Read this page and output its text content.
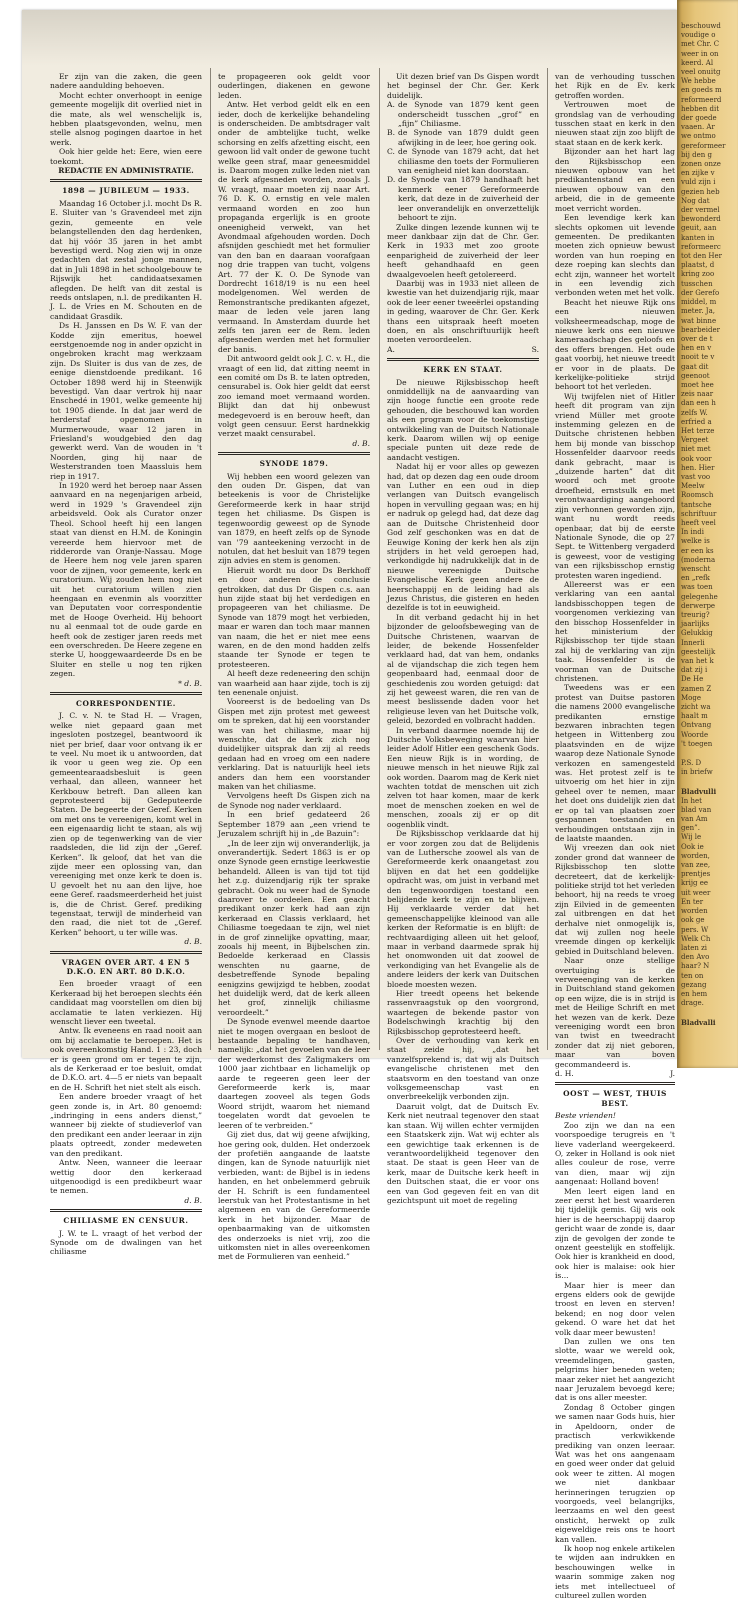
Er zijn van die zaken, die geen nadere aandulding behoeven.

Mocht echter onverhoopt in eenige gemeente mogelijk dit overlied niet in die mate, als wel wenschelijk is, hebben plaatsgevonden, welnu, men stelle alsnog pogingen daartoe in het werk.

Ook hier gelde het: Eere, wien eere toekomt.

REDACTIE EN ADMINISTRATIE.
1898 — JUBILEUM — 1933.

Maandag 16 October j.l. mocht Ds R. E. Sluiter van 's Gravendeel met zijn gezin, gemeente en vele belangstellenden den dag herdenken, dat hij vóór 35 jaren in het ambt bevestigd werd. Nog zien wij in onze gedachten dat zestal jonge mannen, dat in Juli 1898 in het schoolgebouw te Rijswijk het candidaatsexamen aflegden. De helft van dit zestal is reeds ontslapen, n.l. de predikanten H. J. L. de Vries en M. Schouten en de candidaat Grasdik.

Ds H. Janssen en Ds W. F. van der Kodde zijn emeritus, hoewel eerstgenoemde nog in ander opzicht in ongebroken kracht mag werkzaam zijn. Ds Sluiter is dus van de zes, de eenige dienstdoende predikant. 16 October 1898 werd hij in Steenwijk bevestigd. Van daar vertrok hij naar Enschedé in 1901, welke gemeente hij tot 1905 diende. In dat jaar werd de herderstaf opgenomen in Murmerwoude, waar 12 jaren in Friesland's woudgebied den dag gewerkt werd. Van de wouden in 't Noorden, ging hij naar de Westerstranden toen Maassluis hem riep in 1917.

In 1920 werd het beroep naar Assen aanvaard en na negenjarigen arbeid, werd in 1929 's Gravendeel zijn arbeidsveld. Ook als Curator onzer Theol. School heeft hij een langen staat van dienst en H.M. de Koningin vereerde hem hiervoor met de ridderorde van Oranje-Nassau. Moge de Heere hem nog vele jaren sparen voor de zijnen, voor gemeente, kerk en curatorium. Wij zouden hem nog niet uit het curatorium willen zien heengaan en evenmin als voorzitter van Deputaten voor correspondentie met de Hooge Overheid. Hij behoort nu al eenmaal tot de oude garde en heeft ook de zestiger jaren reeds met een overschreden. De Heere zegene en sterke U, hooggewaardeerde Ds en be Sluiter en stelle u nog ten rijken zegen.

* d. B.

CORRESPONDENTIE.

J. C. v. N. te Stad H. — Vragen, welke niet gepaard gaan met ingesloten postzegel, beantwoord ik niet per brief, daar voor ontvang ik er te veel. Nu moet ik u antwoorden, dat ik voor u geen weg zie. Op een gemeentearaadsbesluit is geen verhaal, dan alleen, wanneer het Kerkbouw betreft. Dan alleen kan geprotesteerd bij Gedeputeerde Staten. De begeerte der Geref. Kerken om met ons te vereenigen, komt wel in een eigenaardig licht te staan, als wij zien op de tegenwerking van de vier raadsleden, die lid zijn der „Geref. Kerken”. Ik geloof, dat het van die zijde meer een oplossing van, dan vereeniging met onze kerk te doen is. U gevoelt het nu aan den lijve, hoe eene Geref. raadsmeerderheid het juist is, die de Christ. Geref. prediking tegenstaat, terwijl de minderheid van den raad, die niet tot de „Geref. Kerken” behoort, u ter wille was.

d. B.

VRAGEN OVER ART. 4 EN 5 D.K.O. EN ART. 80 D.K.O.

Een broeder vraagt of een Kerkeraad bij het beroepen slechts één candidaat mag voorstellen om dien bij acclamatie te laten verkiezen. Hij wenscht liever een tweetal.

Antw. Ik eveneens en raad nooit aan om bij acclamatie te beroepen. Het is ook overeenkomstig Hand. 1 : 23, doch er is geen grond om er tegen te zijn, als de Kerkeraad er toe besluit, omdat de D.K.O. art. 4—5 er niets van bepaalt en de H. Schrift het niet stelt als eisch.

Een andere broeder vraagt of het geen zonde is, in Art. 80 genoemd: „indringing in eens anders dienst,” wanneer bij ziekte of studieverlof van den predikant een ander leeraar in zijn plaats optreedt, zonder medeweten van den predikant.

Antw. Neen, wanneer die leeraar wettig door den kerkeraad uitgenoodigd is een predikbeurt waar te nemen.

d. B.

CHILIASME EN CENSUUR.

J. W. te L. vraagt of het verbod der Synode om de dwalingen van het chiliasme

te propageeren ook geldt voor ouderlingen, diakenen en gewone leden.

Antw. Het verbod geldt elk en een ieder, doch de kerkelijke behandeling is onderscheiden. De ambtsdrager valt onder de ambtelijke tucht, welke schorsing en zelfs afzetting eischt, een gewoon lid valt onder de gewone tucht welke geen straf, maar geneesmiddel is. Daarom mogen zulke leden niet van de kerk afgesneden worden, zooals J. W. vraagt, maar moeten zij naar Art. 76 D. K. O. ernstig en vele malen vermaand worden en zoo hun propaganda ergerlijk is en groote oneenigheid verwekt, van het Avondmaal afgehouden worden. Doch afsnijden geschiedt met het formulier van den ban en daaraan voorafgaan nog drie trappen van tucht, volgens Art. 77 der K. O. De Synode van Dordrecht 1618/19 is nu een heel modelgenomen. Wel werden de Remonstrantsche predikanten afgezet, maar de leden vele jaren lang vermaand. In Amsterdam duurde het zelfs ten jaren eer de Rem. leden afgesneden werden met het formulier der banis.

Dit antwoord geldt ook J. C. v. H., die vraagt of een lid, dat zitting neemt in een comité om Ds B. te laten optreden, censurabel is. Ook hier geldt dat eerst zoo iemand moet vermaand worden. Blijkt dan dat hij onbewust medegevoerd is en berouw heeft, dan volgt geen censuur. Eerst hardnekkig verzet maakt censurabel.

d. B.

SYNODE 1879.

Wij hebben een woord gelezen van den ouden Dr. Gispen, dat van beteekenis is voor de Christelijke Gereformeerde kerk in haar strijd tegen het chiliasme. Ds Gispen is tegenwoordig geweest op de Synode van 1879, en heeft zelfs op de Synode van '79 aanteekening verzocht in de notulen, dat het besluit van 1879 tegen zijn advies en stem is genomen.

Hieruit wordt nu door Ds Berkhoff en door anderen de conclusie getrokken, dat dus Dr Gispen c.s. aan hun zijde staat bij het verdedigen en propageeren van het chiliasme. De Synode van 1879 mogt het verbieden, maar er waren dan toch maar mannen van naam, die het er niet mee eens waren, en de den mond hadden zelfs staande ter Synode er tegen te protesteeren.

Al heeft deze redeneering den schijn van waarheid aan haar zijde, toch is zij ten eenenale onjuist.

Vooreerst is de bedoeling van Ds Gispen met zijn protest met geweest om te spreken, dat hij een voorstander was van het chiliasme, maar hij wenschte, dat de kerk zich nog duidelijker uitsprak dan zij al reeds gedaan had en vroeg om een nadere verklaring. Dat is natuurlijk heel iets anders dan hem een voorstander maken van het chiliasme.

Vervolgens heeft Ds Gispen zich na de Synode nog nader verklaard.

In een brief gedateerd 26 September 1879 aan „een vriend te Jeruzalem schrijft hij in „de Bazuin”:

„In de leer zijn wij onveranderlijk, ja onverandertijk. Sedert 1863 is er op onze Synode geen ernstige leerkwestie behandeld. Alleen is van tijd tot tijd het z.g. duizendjarig rijk ter sprake gebracht. Ook nu weer had de Synode daarover te oordeelen. Een geacht predikant onzer kerk had aan zijn kerkeraad en Classis verklaard, het Chiliasme toegedaan te zijn, wel niet in de grof zinnelijke opvatting, maar, zooals hij meent, in Bijbelschen zin. Bedoelde kerkeraad en Classis wenschten nu gaarne, de desbetreffende Synode bepaling eenigzins gewijzigd te hebben, zoodat het duidelijk werd, dat de kerk alleen het grof, zinnelijk chiliasme veroordeelt.”

De Synode evenwel meende daartoe niet te mogen overgaan en besloot de bestaande bepaling te handhaven, namelijk: „dat het gevoelen van de leer der wederkomst des Zaligmakers om 1000 jaar zichtbaar en lichamelijk op aarde te regeeren geen leer der Gereformeerde kerk is, maar daartegen zooveel als tegen Gods Woord strijdt, waarom het niemand toegelaten wordt dat gevoelen te leeren of te verbreiden.”

Gij ziet dus, dat wij geene afwijking, hoe gering ook, dulden. Het onderzoek der profetiën aangaande de laatste dingen, kan de Synode natuurlijk niet verbieden, want: de Bijbel is in iedens handen, en het onbelemmerd gebruik der H. Schrift is een fundamenteel leerstuk van het Protestantisme in het algemeen en van de Gereformeerde kerk in het bijzonder. Maar de openbaarmaking van de uitkomsten des onderzoeks is niet vrij, zoo die uitkomsten niet in alles overeenkomen met de Formulieren van eenheid.”

Uit dezen brief van Ds Gispen wordt het beginsel der Chr. Ger. Kerk duidelijk.

A. de Synode van 1879 kent geen onderscheidt tusschen „grof” en „fijn” Chiliasme.
B. de Synode van 1879 duldt geen afwijking in de leer, hoe gering ook.
C. de Synode van 1879 acht, dat het chiliasme den toets der Formulieren van eenigheid niet kan doorstaan.
D. de Synode van 1879 handhaaft het kenmerk eener Gereformeerde kerk, dat deze in de zuiverheid der leer onverandelijk en onverzettelijk behoort te zijn.

Zulke dingen lezende kunnen wij te meer dankbaar zijn dat de Chr. Ger. Kerk in 1933 met zoo groote eenparigheid de zuiverheid der leer heeft gehandhaafd en geen dwaalgevoelen heeft getolereerd.

Daarbij was in 1933 niet alleen de kwestie van het duizendjarig rijk, maar ook de leer eener tweeërlei opstanding in geding, waarover de Chr. Ger. Kerk thans een uitspraak heeft moeten doen, en als onschriftuurlijk heeft moeten veroordeelen.

A.	S.

KERK EN STAAT.

De nieuwe Rijksbisschop heeft onmiddellijk na de aanvaarding van zijn hooge functie een groote rede gehouden, die beschouwd kan worden als een program voor de toekomstige ontwikkeling van de Duitsch Nationale kerk. Daarom willen wij op eenige speciale punten uit deze rede de aandacht vestigen.

Nadat hij er voor alles op gewezen had, dat op dezen dag een oude droom van Luther en een oud in diep verlangen van Duitsch evangelisch hopen in vervulling gegaan was; en hij er nadruk op gelegd had, dat deze dag aan de Duitsche Christenheid door God zelf geschonken was en dat de Eeuwige Koning der kerk hen als zijn strijders in het veld geroepen had, verkondigde hij nadrukkelijk dat in de nieuwe vereenigde Duitsche Evangelische Kerk geen andere de heerschappij en de leiding had als Jezus Christus, die gisteren en heden dezelfde is tot in eeuwigheid.

In dit verband gedacht hij in het bijzonder de geloofsbeweging van de Duitsche Christenen, waarvan de leider, de bekende Hossenfelder verklaard had, dat van hem, ondanks al de vijandschap die zich tegen hem geopenbaard had, eenmaal door de geschiedenis zou worden getuigd: dat zij het geweest waren, die ren van de meest beslissende daden voor het religieuse leven van het Duitsche volk, geleid, bezorded en volbracht hadden.

In verband daarmee noemde hij de Duitsche Volksbeweging waarvan hier leider Adolf Hitler een geschenk Gods. Een nieuw Rijk is in wording, de nieuwe mensch in het nieuwe Rijk zal ook worden. Daarom mag de Kerk niet wachten totdat de menschen uit zich zelven tot haar komen, maar de kerk moet de menschen zoeken en wel de menschen, zooals zij er op dit oogenblik vindt.

De Rijksbisschop verklaarde dat hij er voor zorgen zou dat de Belijdenis van de Luthersche zoowel als van de Gereformeerde kerk onaangetast zou blijven en dat het een goddelijke opdracht was, om juist in verband met den tegenwoordigen toestand een belijdende kerk te zijn en te blijven. Hij verklaarde verder dat het gemeenschappelijke kleinood van alle kerken der Reformatie is en blijft: de rechtvaardiging alleen uit het geloof, maar in verband daarmede sprak hij het onomwonden uit dat zoowel de verkondiging van het Evangelie als de andere leiders der kerk van Duitschen bloede moesten wezen.

Hier treedt opeens het bekende rassenvraagstuk op den voorgrond, waartegen de bekende pastor von Bodelschwingh krachtig bij den Rijksbisschop geprotesteerd heeft.

Over de verhouding van kerk en staat zeide hij, „dat het vanzelfsprekend is, dat wij als Duitsch evangelische christenen met den staatsvorm en den toestand van onze volksgemeenschap vast en onverbreekelijk verbonden zijn.

Daaruit volgt, dat de Duitsch Ev. Kerk niet neutraal tegenover den staat kan staan. Wij willen echter vermijden een Staatskerk zijn. Wat wij echter als een gewichtige taak erkennen is de verantwoordelijkheid tegenover den staat. De staat is geen Heer van de kerk, maar de Duitsche kerk heeft in den Duitschen staat, die er voor ons een van God gegeven feit en van dit gezichtspunt uit moet de regeling

van de verhouding tusschen het Rijk en de Ev. kerk getroffen worden.

Vertrouwen moet de grondslag van de verhouding tusschen staat en kerk in den nieuwen staat zijn zoo blijft de staat staan en de kerk kerk.

Bijzonder aan het hart lag den Rijksbisschop een nieuwen opbouw van het predikantenstand en een nieuwen opbouw van den arbeid, die in de gemeente moet verricht worden.

Een levendige kerk kan slechts opkomen uit levende gemeenten. De predikanten moeten zich opnieuw bewust worden van hun roeping en deze roeping kan slechts dan echt zijn, wanneer het wortelt in een levendig zich verbonden weten met het volk.

Beacht het nieuwe Rijk ons een nieuwen volksheermeadschap, moge de nieuwe kerk ons een nieuwe kameraadschap des geloofs en des offers brengen. Het oude gaat voorbij, het nieuwe treedt er voor in de plaats. De kerkelijke-politieke strijd behoort tot het verleden.

Wij twijfelen niet of Hitler heeft dit program van zijn vriend Müller met groote instemming gelezen en de Duitsche christenen hebben hem bij monde van bisschop Hossenfelder daarvoor reeds dank gebracht, maar is „duizende harten” dat dit woord och met groote droefheid, ernstsulk en met verontwaardiging aangehoord zijn verhonnen geworden zijn, want nu wordt reeds openbaar, dat bij de eerste Nationale Synode, die op 27 Sept. te Wittenberg vergaderd is geweest, voor de vestiging van een rijksbisschop ernstig protesten waren ingediend.

Allereerst was er een verklaring van een aantal landsbisschoppen tegen de voorgenomen verkiezing van den bisschop Hossenfelder in het ministerium der Rijksbisschop ter tijde staan zal hij de verklaring van zijn taak. Hossenfelder is de voorman van de Duitsche christenen.

Tweedens was er een protest van Duitse pastoren die namens 2000 evangelische predikanten ernstige bezwaren inbrachten tegen hetgeen in Wittenberg zou plaatsvinden en de wijze waarop deze Nationale Synode verkozen en samengesteld was. Het protest zelf is te uitvoerig om het hier in zijn geheel over te nemen, maar het doet ons duidelijk zien dat er op tal van plaatsen zoer gespannen toestanden en verhoudingen ontstaan zijn in de laatste maanden.

Wij vreezen dan ook niet zonder grond dat wanneer de Rijksbisschop ten slotte decreteert, dat de kerkelijk-politieke strijd tot het verleden behoort, hij na reeds te vroeg zijn Eilvied in de gemeenten zal uitbrengen en dat het derhalve niet onmogelijk is, dat wij zullen nog heele vreemde dingen op kerkelijk gebied in Duitschland beleven.

Naar onze stellige overtuiging is de verweeenging van de kerken in Duitschland stand gekomen op een wijze, die is in strijd is met de Heilige Schrift en met het wezen van de kerk. Deze vereeniging wordt een bron van twist en tweedracht zonder dat zij niet geboren, maar van boven gecommandeerd is.

d. H.	J.

OOST — WEST, THUIS BEST.

Beste vrienden!

Zoo zijn we dan na een voorspoedige terugreis en 't lieve vaderland weergekeerd. O, zeker in Holland is ook niet alles couleur de rose, verre van dien, maar wij zijn aangenaat: Holland boven!

Men leert eigen land en zeer eerst het best waarderen bij tijdelijk gemis. Gij wis ook hier is de heerschappij daarop gericht waar de zonde is, daar zijn de gevolgen der zonde te onzent geestelijk en stoffelijk. Ook hier is krankheid en dood, ook hier is malaise: ook hier is...

Maar hier is meer dan ergens elders ook de gewijde troost en leven en sterven! bekend; en nog door velen gekend. O ware het dat het volk daar meer bewusten!

Dan zullen we ons ten slotte, waar we wereld ook, vreemdelingen, gasten, pelgrims hier beneden weten; maar zeker niet het aangezicht naar Jeruzalem bevoegd kere; dat is ons aller meester.

Zondag 8 October gingen we samen naar Gods huis, hier in Apeldoorn, onder de practisch verkwikkende prediking van onzen leeraar. Wat was het ons aangenaam en goed weer onder dat geluid ook weer te zitten. Al mogen we niet dankbaar herinneringen terugzien op voorgoeds, veel belangrijks, leerzaams en wel den geest onsticht, herwekt op zulk eigeweldige reis ons te hoort kan vallen.

Ik hoop nog enkele artikelen te wijden aan indrukken en beschouwingen welke in waarin sommige zaken nog iets met intellectueel of cultureel zullen worden

beschouwd
voudige o
met Chr. C
weer in on
keerd. Al
veel onuitg
We hebbe
en goeds m
reformeerd
hebben dit
der goede
vaaen. Ar
we ontmo
gereformeer
bij den g
zonen onze
en zijke v
vuld zijn i
gezien heb
Nog dat
der vermel
bewonderd
geuit, aan
kanten in
reformeerc
tot den Her
plaatst, d
kring zoo
tusschen
der Gerefo
middel, m
meter. Ja,
wat binne
bearbeider
over de t
hen en v
nooit te v
gaat dit
geenoot
moet hee
zeis naar
dan een h
zelfs W.
erfried a
Het terze
Vergeet
niet met
ook voor
hen. Hier
vast voo
Meelw
Roomsch
tantsche
schriftuur
heeft veel
In indi
welke is
er een ks
(moderna
wenscht
en „refk
was toen
gelegenhe
derwerpe
treurig?
jaarlijks
Gelukkig
Innerli
geestelijk
van het k
dat zij i
De He
zamen Z
Moge
zicht wa
haalt m
Ontvang
Woorde
't toegen
P.S. D
in briefw
Bladvulli
In het
blad van
van Am
gen”.
Wij le
Ook ie
worden,
van zee,
prentjes
krijg ee
uit weer
En ter
worden
ook ge
pers. W
Welk Ch
laten zi
den Avo
haar? N
ten on
gezang
en hem
drage.
Bladvalli
